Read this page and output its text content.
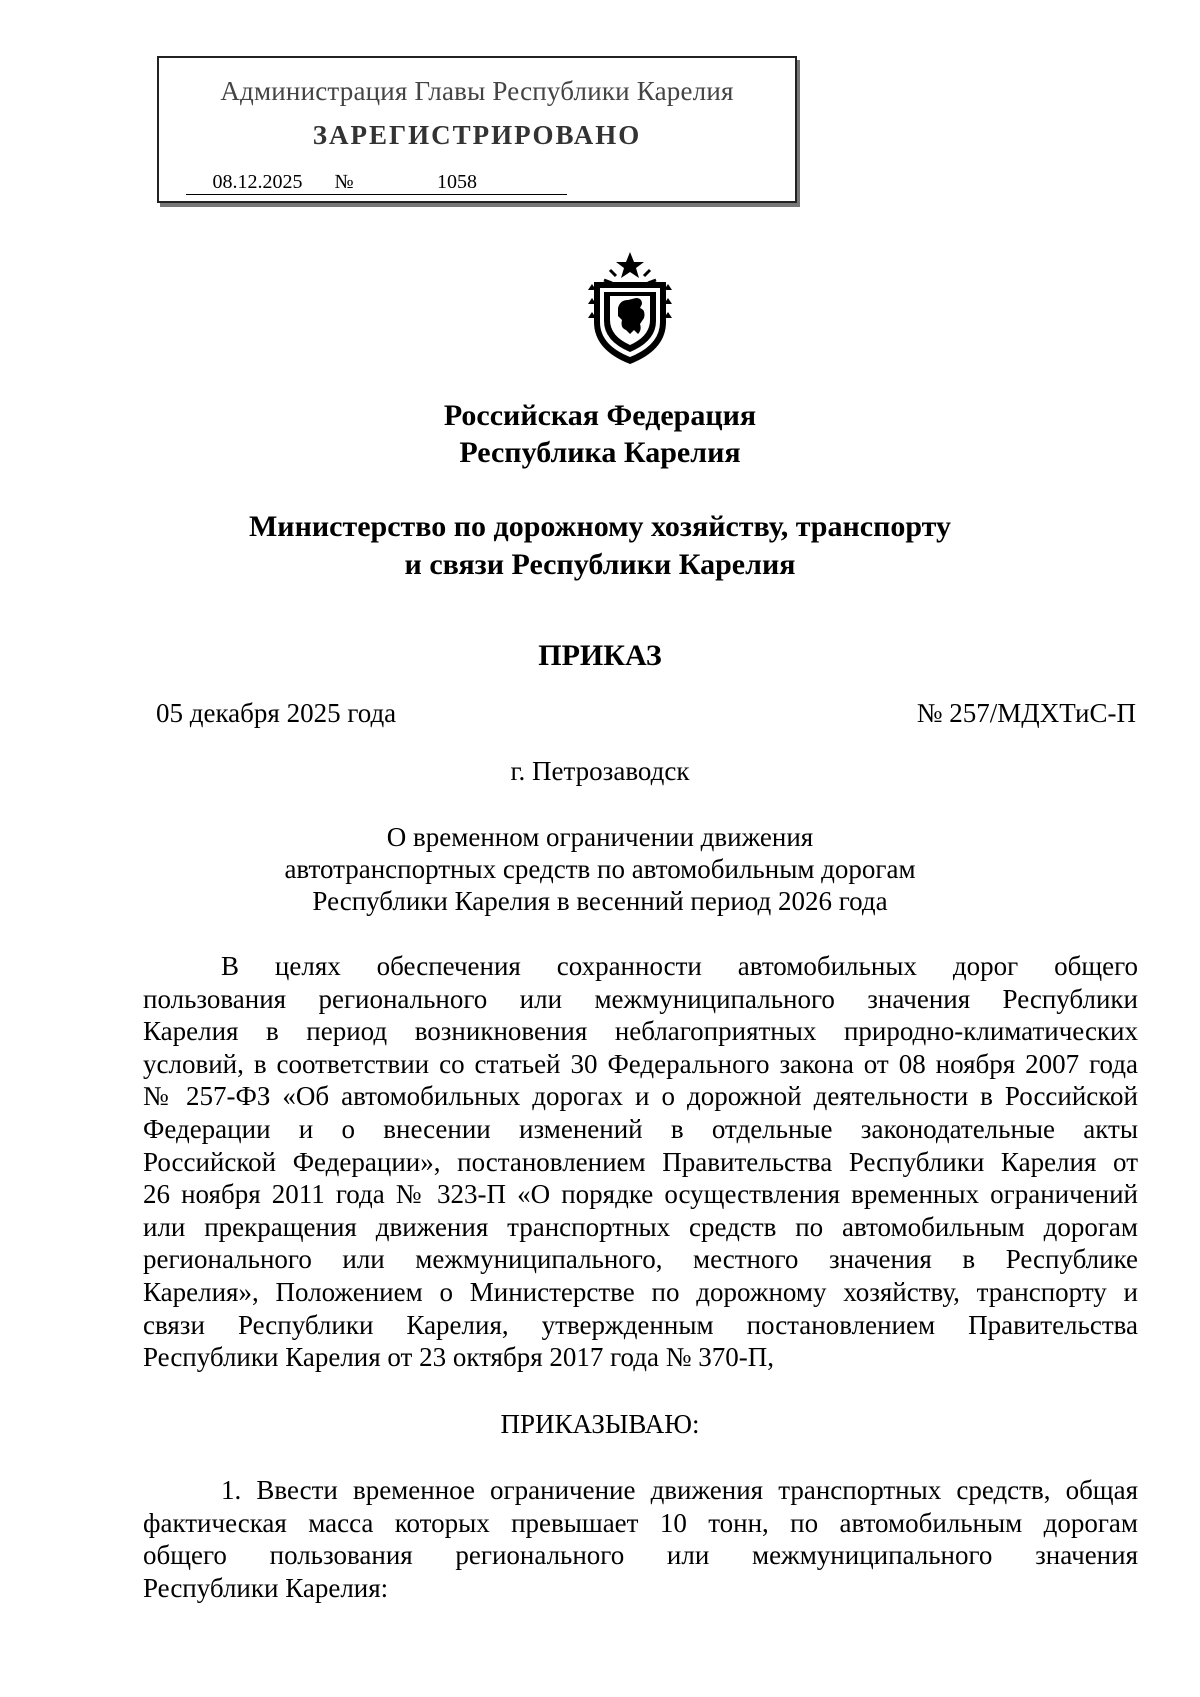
Администрация Главы Республики Карелия
ЗАРЕГИСТРИРОВАНО
08.12.2025	№	1058
Российская Федерация
Республика Карелия
Министерство по дорожному хозяйству, транспорту
и связи Республики Карелия
ПРИКАЗ
05 декабря 2025 года	№ 257/МДХТиС-П
г. Петрозаводск
О временном ограничении движения
автотранспортных средств по автомобильным дорогам
Республики Карелия в весенний период 2026 года
В целях обеспечения сохранности автомобильных дорог общего
пользования регионального или межмуниципального значения Республики
Карелия в период возникновения неблагоприятных природно-климатических
условий, в соответствии со статьей 30 Федерального закона от 08 ноября 2007 года
№ 257-ФЗ «Об автомобильных дорогах и о дорожной деятельности в Российской
Федерации и о внесении изменений в отдельные законодательные акты
Российской Федерации», постановлением Правительства Республики Карелия от
26 ноября 2011 года № 323-П «О порядке осуществления временных ограничений
или прекращения движения транспортных средств по автомобильным дорогам
регионального или межмуниципального, местного значения в Республике
Карелия», Положением о Министерстве по дорожному хозяйству, транспорту и
связи Республики Карелия, утвержденным постановлением Правительства
Республики Карелия от 23 октября 2017 года № 370-П,
ПРИКАЗЫВАЮ:
1. Ввести временное ограничение движения транспортных средств, общая
фактическая масса которых превышает 10 тонн, по автомобильным дорогам
общего пользования регионального или межмуниципального значения
Республики Карелия:
